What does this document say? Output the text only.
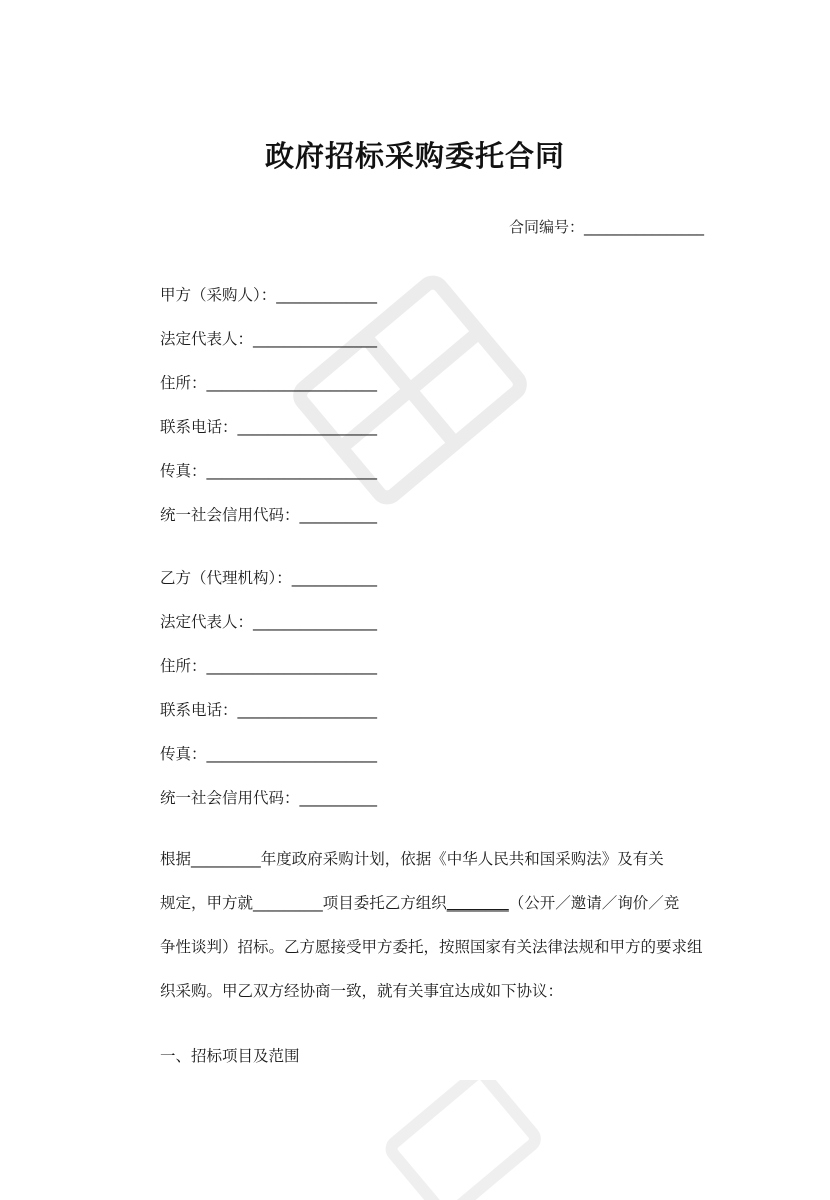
政府招标采购委托合同
合同编号：________________
甲方（采购人）：_____________
法定代表人：________________
住所：______________________
联系电话：__________________
传真：______________________
统一社会信用代码：__________
乙方（代理机构）：___________
法定代表人：________________
住所：______________________
联系电话：__________________
传真：______________________
统一社会信用代码：__________
根据_________年度政府采购计划，依据《中华人民共和国采购法》及有关
规定，甲方就_________项目委托乙方组织________（公开／邀请／询价／竞
争性谈判）招标。乙方愿接受甲方委托，按照国家有关法律法规和甲方的要求组
织采购。甲乙双方经协商一致，就有关事宜达成如下协议：
一、招标项目及范围
